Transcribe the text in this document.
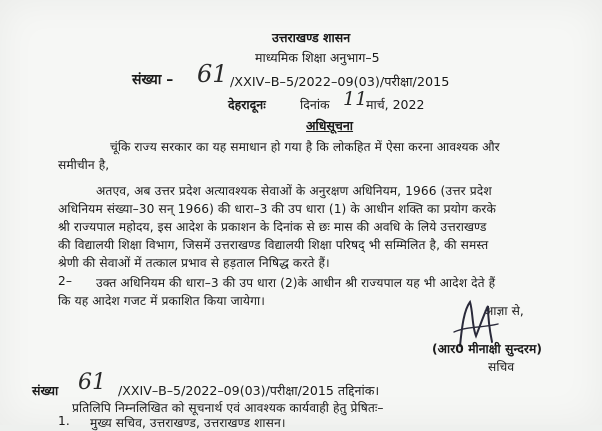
उत्तराखण्ड शासन
माध्यमिक शिक्षा अनुभाग–5
संख्या – 61 /XXIV–B–5/2022–09(03)/परीक्षा/2015
देहरादूनः	दिनांक 11
मार्च, 2022
अधिसूचना
चूंकि राज्य सरकार का यह समाधान हो गया है कि लोकहित में ऐसा करना आवश्यक और
समीचीन है,
अतएव, अब उत्तर प्रदेश अत्यावश्यक सेवाओं के अनुरक्षण अधिनियम, 1966 (उत्तर प्रदेश
अधिनियम संख्या–30 सन् 1966) की धारा–3 की उप धारा (1) के आधीन शक्ति का प्रयोग करके
श्री राज्यपाल महोदय, इस आदेश के प्रकाशन के दिनांक से छः मास की अवधि के लिये उत्तराखण्ड
की विद्यालयी शिक्षा विभाग, जिसमें उत्तराखण्ड विद्यालयी शिक्षा परिषद् भी सम्मिलित है, की समस्त
श्रेणी की सेवाओं में तत्काल प्रभाव से हड़ताल निषिद्ध करते हैं।
2– उक्त अधिनियम की धारा–3 की उप धारा (2)के आधीन श्री राज्यपाल यह भी आदेश देते हैं
कि यह आदेश गजट में प्रकाशित किया जायेगा।
आज्ञा से,
(आर0 मीनाक्षी सुन्दरम)
सचिव
संख्या 61 /XXIV–B–5/2022–09(03)/परीक्षा/2015 तद्दिनांक।
प्रतिलिपि निम्नलिखित को सूचनार्थ एवं आवश्यक कार्यवाही हेतु प्रेषितः–
1. मुख्य सचिव, उत्तराखण्ड, उत्तराखण्ड शासन।
